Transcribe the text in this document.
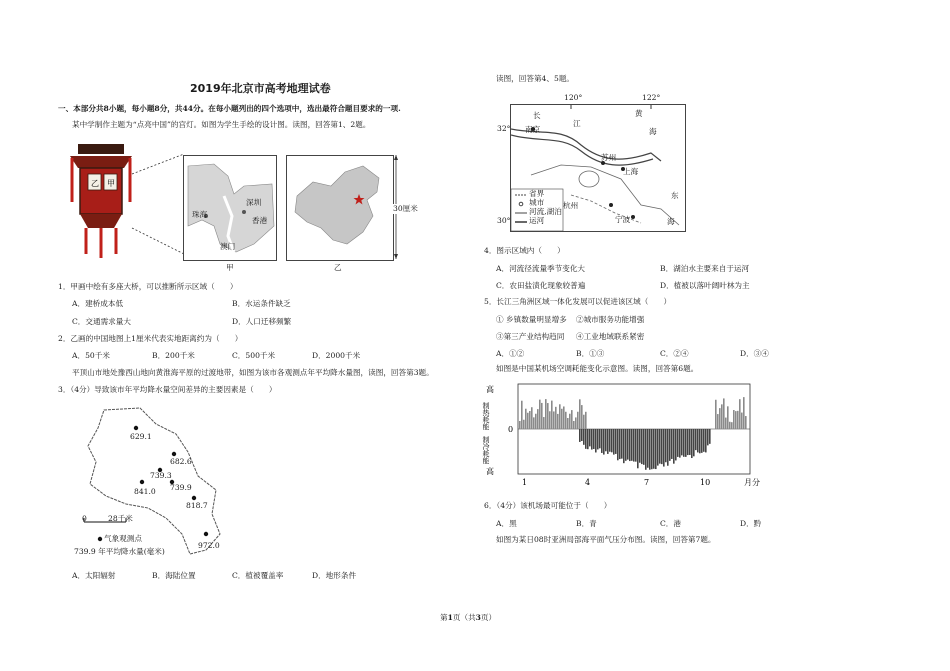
2019年北京市高考地理试卷
一、本部分共8小题，每小题8分，共44分。在每小题列出的四个选项中，选出最符合题目要求的一项.
某中学制作主题为“点亮中国”的宫灯。如图为学生手绘的设计图。读图，回答第1、2题。
乙 甲
珠海
深圳
香港
澳门
甲
30厘米
乙
1．甲画中绘有多座大桥，可以推断所示区域（　　）
A．建桥成本低	B．水运条件缺乏
C．交通需求量大	D．人口迁移频繁
2．乙画的中国地图上1厘米代表实地距离约为（　　）
A．50千米	B．200千米	C．500千米	D．2000千米
平顶山市地处豫西山地向黄淮海平原的过渡地带，如图为该市各观测点年平均降水量图，读图，回答第3题。
3．（4分）导致该市年平均降水量空间差异的主要因素是（　　）
629.1
682.6
739.3
841.0 739.9
818.7
972.0
0	28千米
气象观测点
739.9 年平均降水量(毫米)
A．太阳辐射	B．海陆位置	C．植被覆盖率	D．地形条件
读图，回答第4、5题。
长
江
黄
海
南京
苏州
上海
杭州
宁波
东
海
省界
城市
河流,湖泊
运河
120°	122°
32°
30°
4．图示区域内（　　）
A．河流径流量季节变化大	B．湖泊水主要来自于运河
C．农田盐渍化现象较普遍	D．植被以落叶阔叶林为主
5．长江三角洲区域一体化发展可以促进该区域（　　）
① 乡镇数量明显增多 ②城市服务功能增强
③第三产业结构趋同 ④工业地域联系紧密
A．①②	B．①③	C．②④	D．③④
如图是中国某机场空调耗能变化示意图。读图，回答第6题。
高
制热耗能 0
制冷耗能
高
1	4	7	10	月分
6．（4分）该机场最可能位于（　　）
A．黑	B．青	C．港	D．黔
如图为某日08时亚洲局部海平面气压分布图。读图，回答第7题。
第1页（共3页）
